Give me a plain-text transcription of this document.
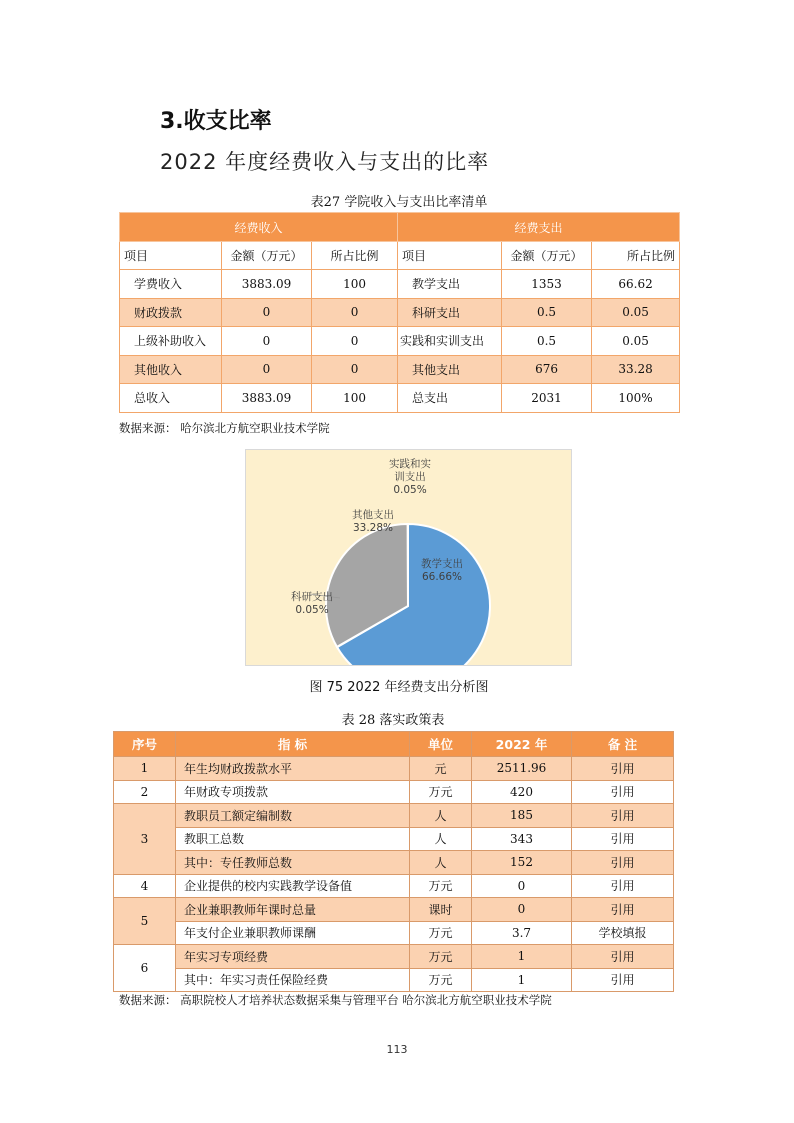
3.收支比率
2022 年度经费收入与支出的比率
表27 学院收入与支出比率清单
经费收入			经费支出		
项目	金额（万元）	所占比例	项目	金额（万元）	所占比例
学费收入	3883.09	100	教学支出	1353	66.62
财政拨款	0	0	科研支出	0.5	0.05
上级补助收入	0	0	实践和实训支出	0.5	0.05
其他收入	0	0	其他支出	676	33.28
总收入	3883.09	100	总支出	2031	100%
数据来源： 哈尔滨北方航空职业技术学院
教学支出
66.66%
科研支出
0.05%
其他支出
33.28%
实践和实
训支出
0.05%
图 75 2022 年经费支出分析图
表 28 落实政策表
序号	指 标	单位	2022 年	备 注
1	年生均财政拨款水平	元	2511.96	引用
2	年财政专项拨款	万元	420	引用
3	教职员工额定编制数	人	185	引用
	教职工总数	人	343	引用
	其中：专任教师总数	人	152	引用
4	企业提供的校内实践教学设备值	万元	0	引用
5	企业兼职教师年课时总量	课时	0	引用
	年支付企业兼职教师课酬	万元	3.7	学校填报
6	年实习专项经费	万元	1	引用
	其中：年实习责任保险经费	万元	1	引用
数据来源： 高职院校人才培养状态数据采集与管理平台 哈尔滨北方航空职业技术学院
113
